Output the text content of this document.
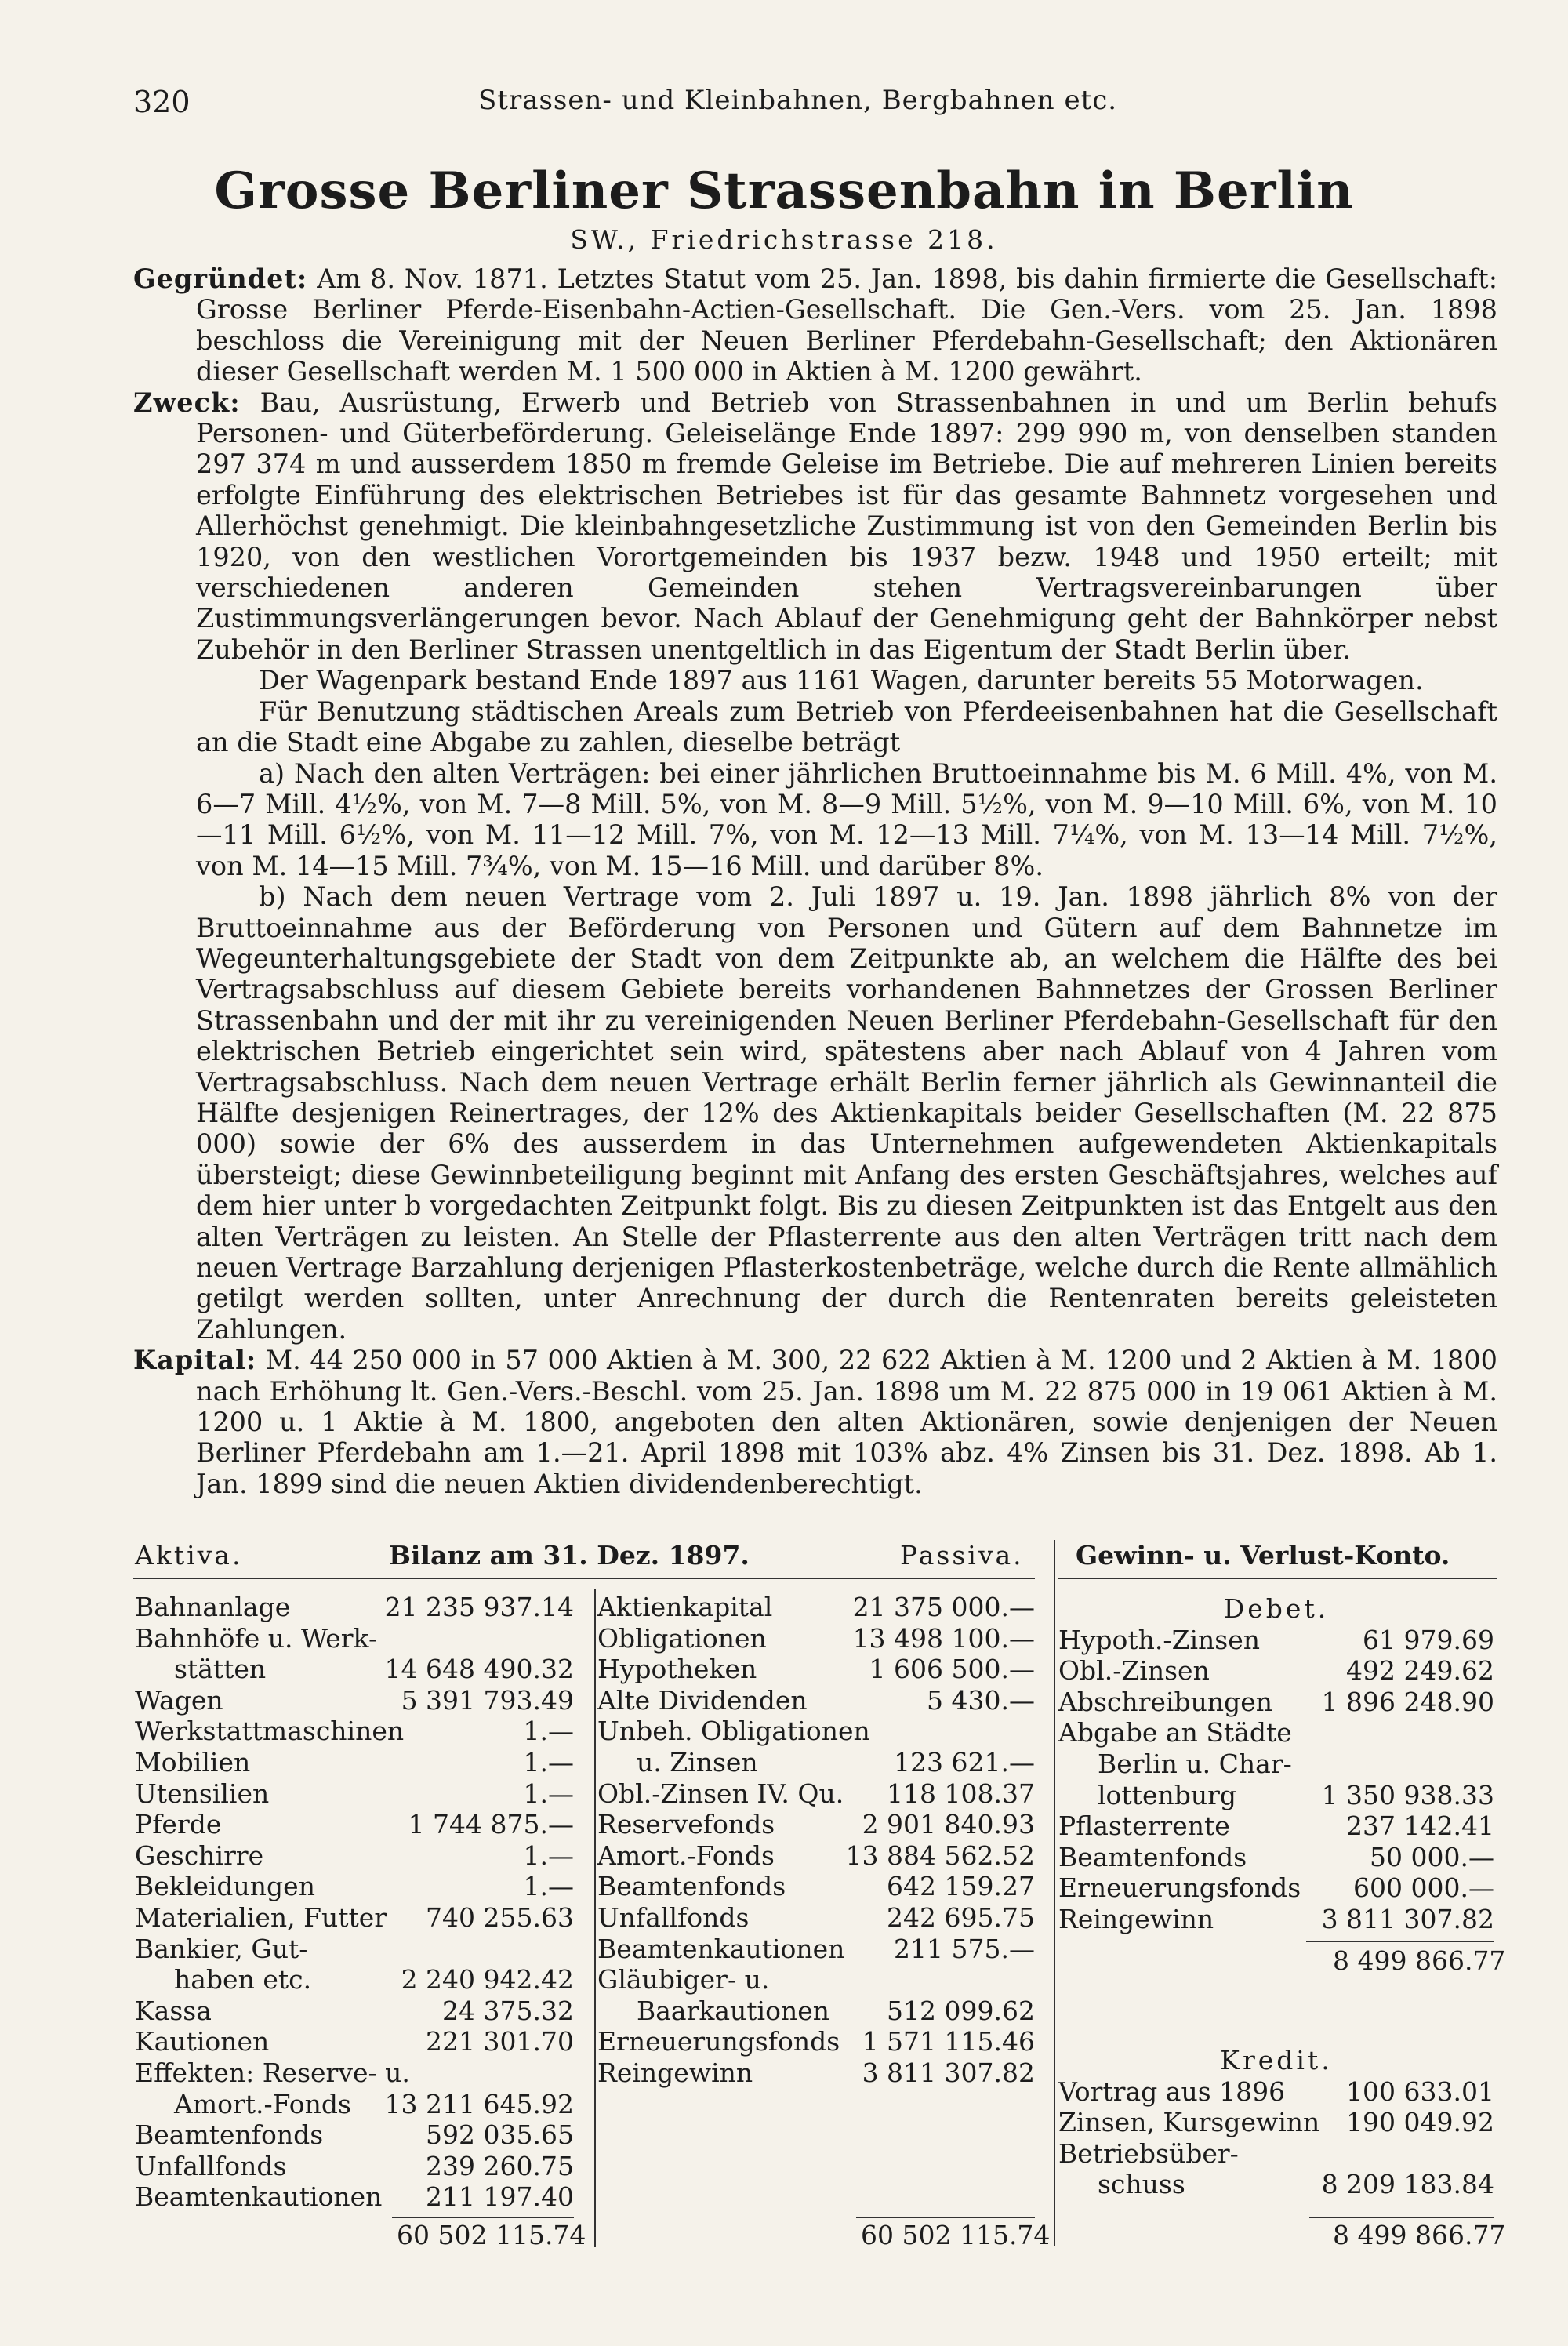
320	Strassen- und Kleinbahnen, Bergbahnen etc.
Grosse Berliner Strassenbahn in Berlin
SW., Friedrichstrasse 218.

Gegründet: Am 8. Nov. 1871. Letztes Statut vom 25. Jan. 1898, bis dahin firmierte die Gesellschaft: Grosse Berliner Pferde-Eisenbahn-Actien-Gesellschaft. Die Gen.-Vers. vom 25. Jan. 1898 beschloss die Vereinigung mit der Neuen Berliner Pferdebahn-Gesellschaft; den Aktionären dieser Gesellschaft werden M. 1 500 000 in Aktien à M. 1200 gewährt.

Zweck: Bau, Ausrüstung, Erwerb und Betrieb von Strassenbahnen in und um Berlin behufs Personen- und Güterbeförderung. Geleiselänge Ende 1897: 299 990 m, von denselben standen 297 374 m und ausserdem 1850 m fremde Geleise im Betriebe. Die auf mehreren Linien bereits erfolgte Einführung des elektrischen Betriebes ist für das gesamte Bahnnetz vorgesehen und Allerhöchst genehmigt. Die kleinbahngesetzliche Zustimmung ist von den Gemeinden Berlin bis 1920, von den westlichen Vorortgemeinden bis 1937 bezw. 1948 und 1950 erteilt; mit verschiedenen anderen Gemeinden stehen Vertragsvereinbarungen über Zustimmungsverlängerungen bevor. Nach Ablauf der Genehmigung geht der Bahnkörper nebst Zubehör in den Berliner Strassen unentgeltlich in das Eigentum der Stadt Berlin über.

Der Wagenpark bestand Ende 1897 aus 1161 Wagen, darunter bereits 55 Motorwagen.

Für Benutzung städtischen Areals zum Betrieb von Pferdeeisenbahnen hat die Gesellschaft an die Stadt eine Abgabe zu zahlen, dieselbe beträgt

a) Nach den alten Verträgen: bei einer jährlichen Bruttoeinnahme bis M. 6 Mill. 4%, von M. 6—7 Mill. 4½%, von M. 7—8 Mill. 5%, von M. 8—9 Mill. 5½%, von M. 9—10 Mill. 6%, von M. 10—11 Mill. 6½%, von M. 11—12 Mill. 7%, von M. 12—13 Mill. 7¼%, von M. 13—14 Mill. 7½%, von M. 14—15 Mill. 7¾%, von M. 15—16 Mill. und darüber 8%.

b) Nach dem neuen Vertrage vom 2. Juli 1897 u. 19. Jan. 1898 jährlich 8% von der Bruttoeinnahme aus der Beförderung von Personen und Gütern auf dem Bahnnetze im Wegeunterhaltungsgebiete der Stadt von dem Zeitpunkte ab, an welchem die Hälfte des bei Vertragsabschluss auf diesem Gebiete bereits vorhandenen Bahnnetzes der Grossen Berliner Strassenbahn und der mit ihr zu vereinigenden Neuen Berliner Pferdebahn-Gesellschaft für den elektrischen Betrieb eingerichtet sein wird, spätestens aber nach Ablauf von 4 Jahren vom Vertragsabschluss. Nach dem neuen Vertrage erhält Berlin ferner jährlich als Gewinnanteil die Hälfte desjenigen Reinertrages, der 12% des Aktienkapitals beider Gesellschaften (M. 22 875 000) sowie der 6% des ausserdem in das Unternehmen aufgewendeten Aktienkapitals übersteigt; diese Gewinnbeteiligung beginnt mit Anfang des ersten Geschäftsjahres, welches auf dem hier unter b vorgedachten Zeitpunkt folgt. Bis zu diesen Zeitpunkten ist das Entgelt aus den alten Verträgen zu leisten. An Stelle der Pflasterrente aus den alten Verträgen tritt nach dem neuen Vertrage Barzahlung derjenigen Pflasterkostenbeträge, welche durch die Rente allmählich getilgt werden sollten, unter Anrechnung der durch die Rentenraten bereits geleisteten Zahlungen.

Kapital: M. 44 250 000 in 57 000 Aktien à M. 300, 22 622 Aktien à M. 1200 und 2 Aktien à M. 1800 nach Erhöhung lt. Gen.-Vers.-Beschl. vom 25. Jan. 1898 um M. 22 875 000 in 19 061 Aktien à M. 1200 u. 1 Aktie à M. 1800, angeboten den alten Aktionären, sowie denjenigen der Neuen Berliner Pferdebahn am 1.—21. April 1898 mit 103% abz. 4% Zinsen bis 31. Dez. 1898. Ab 1. Jan. 1899 sind die neuen Aktien dividendenberechtigt.

Aktiva.	Bilanz am 31. Dez. 1897.	Passiva. Gewinn- u. Verlust-Konto.
Bahnanlage	21 235 937.14
Bahnhöfe u. Werk-
stätten	14 648 490.32
Wagen	5 391 793.49
Werkstattmaschinen	1.—
Mobilien	1.—
Utensilien	1.—
Pferde	1 744 875.—
Geschirre	1.—
Bekleidungen	1.—
Materialien, Futter 740 255.63
Bankier, Gut-
haben etc.	2 240 942.42
Kassa	24 375.32
Kautionen	221 301.70
Effekten: Reserve- u.
Amort.-Fonds 13 211 645.92
Beamtenfonds	592 035.65
Unfallfonds	239 260.75
Beamtenkautionen 211 197.40
60 502 115.74
Aktienkapital	21 375 000.—
Obligationen	13 498 100.—
Hypotheken	1 606 500.—
Alte Dividenden	5 430.—
Unbeh. Obligationen
u. Zinsen	123 621.—
Obl.-Zinsen IV. Qu. 118 108.37
Reservefonds	2 901 840.93
Amort.-Fonds	13 884 562.52
Beamtenfonds	642 159.27
Unfallfonds	242 695.75
Beamtenkautionen 211 575.—
Gläubiger- u.
Baarkautionen 512 099.62
Erneuerungsfonds 1 571 115.46
Reingewinn	3 811 307.82
60 502 115.74
Debet.
Hypoth.-Zinsen	61 979.69
Obl.-Zinsen	492 249.62
Abschreibungen 1 896 248.90
Abgabe an Städte
Berlin u. Char-
lottenburg	1 350 938.33
Pflasterrente	237 142.41
Beamtenfonds	50 000.—
Erneuerungsfonds 600 000.—
Reingewinn	3 811 307.82
8 499 866.77
Kredit.
Vortrag aus 1896 100 633.01
Zinsen, Kursgewinn 190 049.92
Betriebsüber-
schuss	8 209 183.84
8 499 866.77
